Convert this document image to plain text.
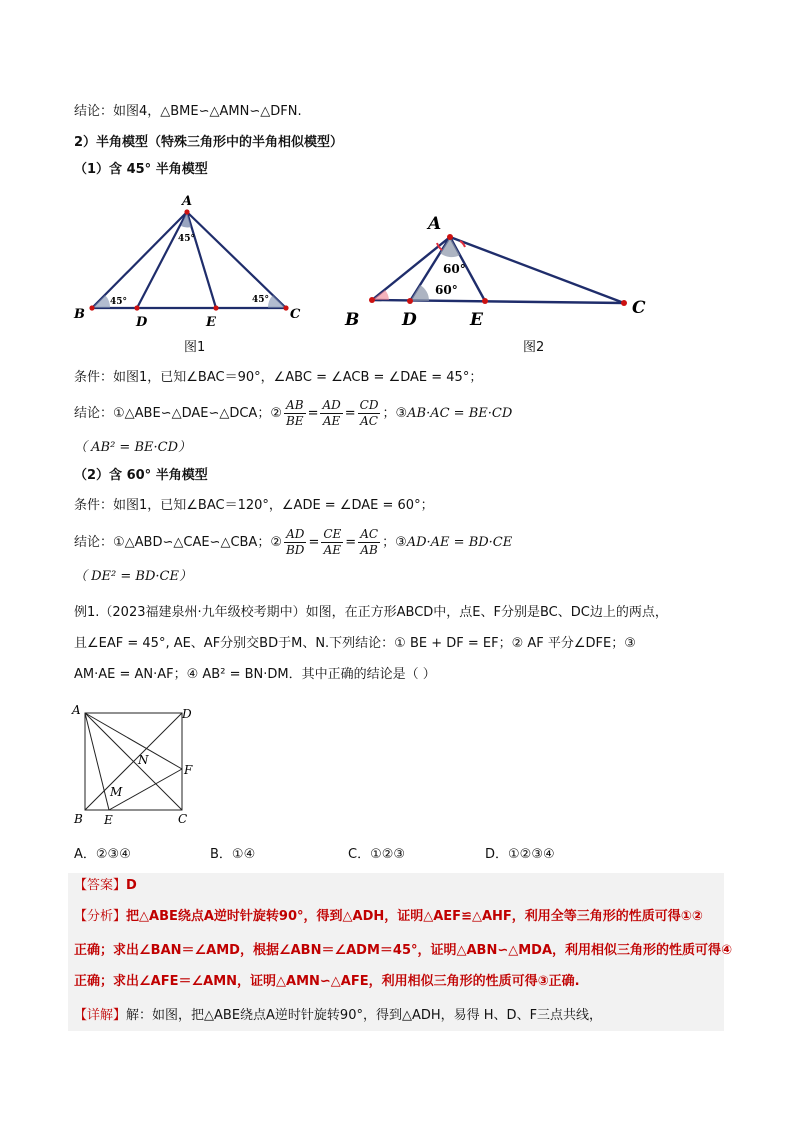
结论：如图4，△BME∽△AMN∽△DFN.
2）半角模型（特殊三角形中的半角相似模型）
（1）含 45° 半角模型
A
B	C
D	E
45°
45°	45°
图1
A
B
C
D	E
60°
60°
图2
条件：如图1，已知∠BAC＝90°，∠ABC = ∠ACB = ∠DAE = 45°；
结论：①△ABE∽△DAE∽△DCA；② $\frac{AB}{BE} = \frac{AD}{AE} = \frac{CD}{AC}$ ；③AB·AC = BE·CD
（ AB² = BE·CD）
（2）含 60° 半角模型
条件：如图1，已知∠BAC＝120°，∠ADE = ∠DAE = 60°；
结论：①△ABD∽△CAE∽△CBA；② $\frac{AD}{BD} = \frac{CE}{AE} = \frac{AC}{AB}$ ；③AD·AE = BD·CE
（ DE² = BD·CE）
例1.（2023福建泉州·九年级校考期中）如图，在正方形ABCD中，点E、F分别是BC、DC边上的两点，
且∠EAF = 45°, AE、AF分别交BD于M、N.下列结论：① BE + DF = EF；② AF 平分∠DFE；③
AM·AE = AN·AF；④ AB² = BN·DM．其中正确的结论是（ ）
A	D
B	C
E
F
M
N
A．②③④	B．①④	C．①②③	D．①②③④
【答案】D
【分析】把△ABE绕点A逆时针旋转90°，得到△ADH，证明△AEF≌△AHF，利用全等三角形的性质可得①②
正确；求出∠BAN＝∠AMD，根据∠ABN＝∠ADM＝45°，证明△ABN∽△MDA，利用相似三角形的性质可得④
正确；求出∠AFE＝∠AMN，证明△AMN∽△AFE，利用相似三角形的性质可得③正确.
【详解】解：如图，把△ABE绕点A逆时针旋转90°，得到△ADH，易得 H、D、F三点共线，
